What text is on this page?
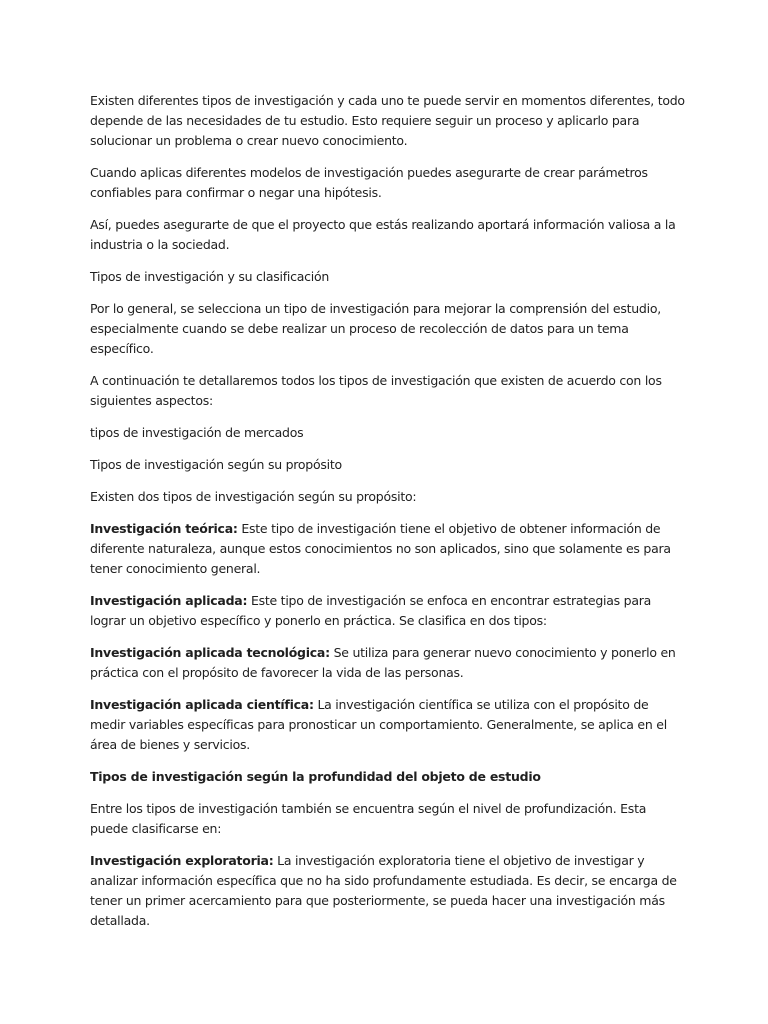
Existen diferentes tipos de investigación y cada uno te puede servir en momentos diferentes, todo depende de las necesidades de tu estudio. Esto requiere seguir un proceso y aplicarlo para solucionar un problema o crear nuevo conocimiento.

Cuando aplicas diferentes modelos de investigación puedes asegurarte de crear parámetros confiables para confirmar o negar una hipótesis.

Así, puedes asegurarte de que el proyecto que estás realizando aportará información valiosa a la industria o la sociedad.

Tipos de investigación y su clasificación

Por lo general, se selecciona un tipo de investigación para mejorar la comprensión del estudio, especialmente cuando se debe realizar un proceso de recolección de datos para un tema específico.

A continuación te detallaremos todos los tipos de investigación que existen de acuerdo con los siguientes aspectos:

tipos de investigación de mercados

Tipos de investigación según su propósito

Existen dos tipos de investigación según su propósito:

Investigación teórica: Este tipo de investigación tiene el objetivo de obtener información de diferente naturaleza, aunque estos conocimientos no son aplicados, sino que solamente es para tener conocimiento general.

Investigación aplicada: Este tipo de investigación se enfoca en encontrar estrategias para lograr un objetivo específico y ponerlo en práctica. Se clasifica en dos tipos:

Investigación aplicada tecnológica: Se utiliza para generar nuevo conocimiento y ponerlo en práctica con el propósito de favorecer la vida de las personas.

Investigación aplicada científica: La investigación científica se utiliza con el propósito de medir variables específicas para pronosticar un comportamiento. Generalmente, se aplica en el área de bienes y servicios.

Tipos de investigación según la profundidad del objeto de estudio

Entre los tipos de investigación también se encuentra según el nivel de profundización. Esta puede clasificarse en:

Investigación exploratoria: La investigación exploratoria tiene el objetivo de investigar y analizar información específica que no ha sido profundamente estudiada. Es decir, se encarga de tener un primer acercamiento para que posteriormente, se pueda hacer una investigación más detallada.
